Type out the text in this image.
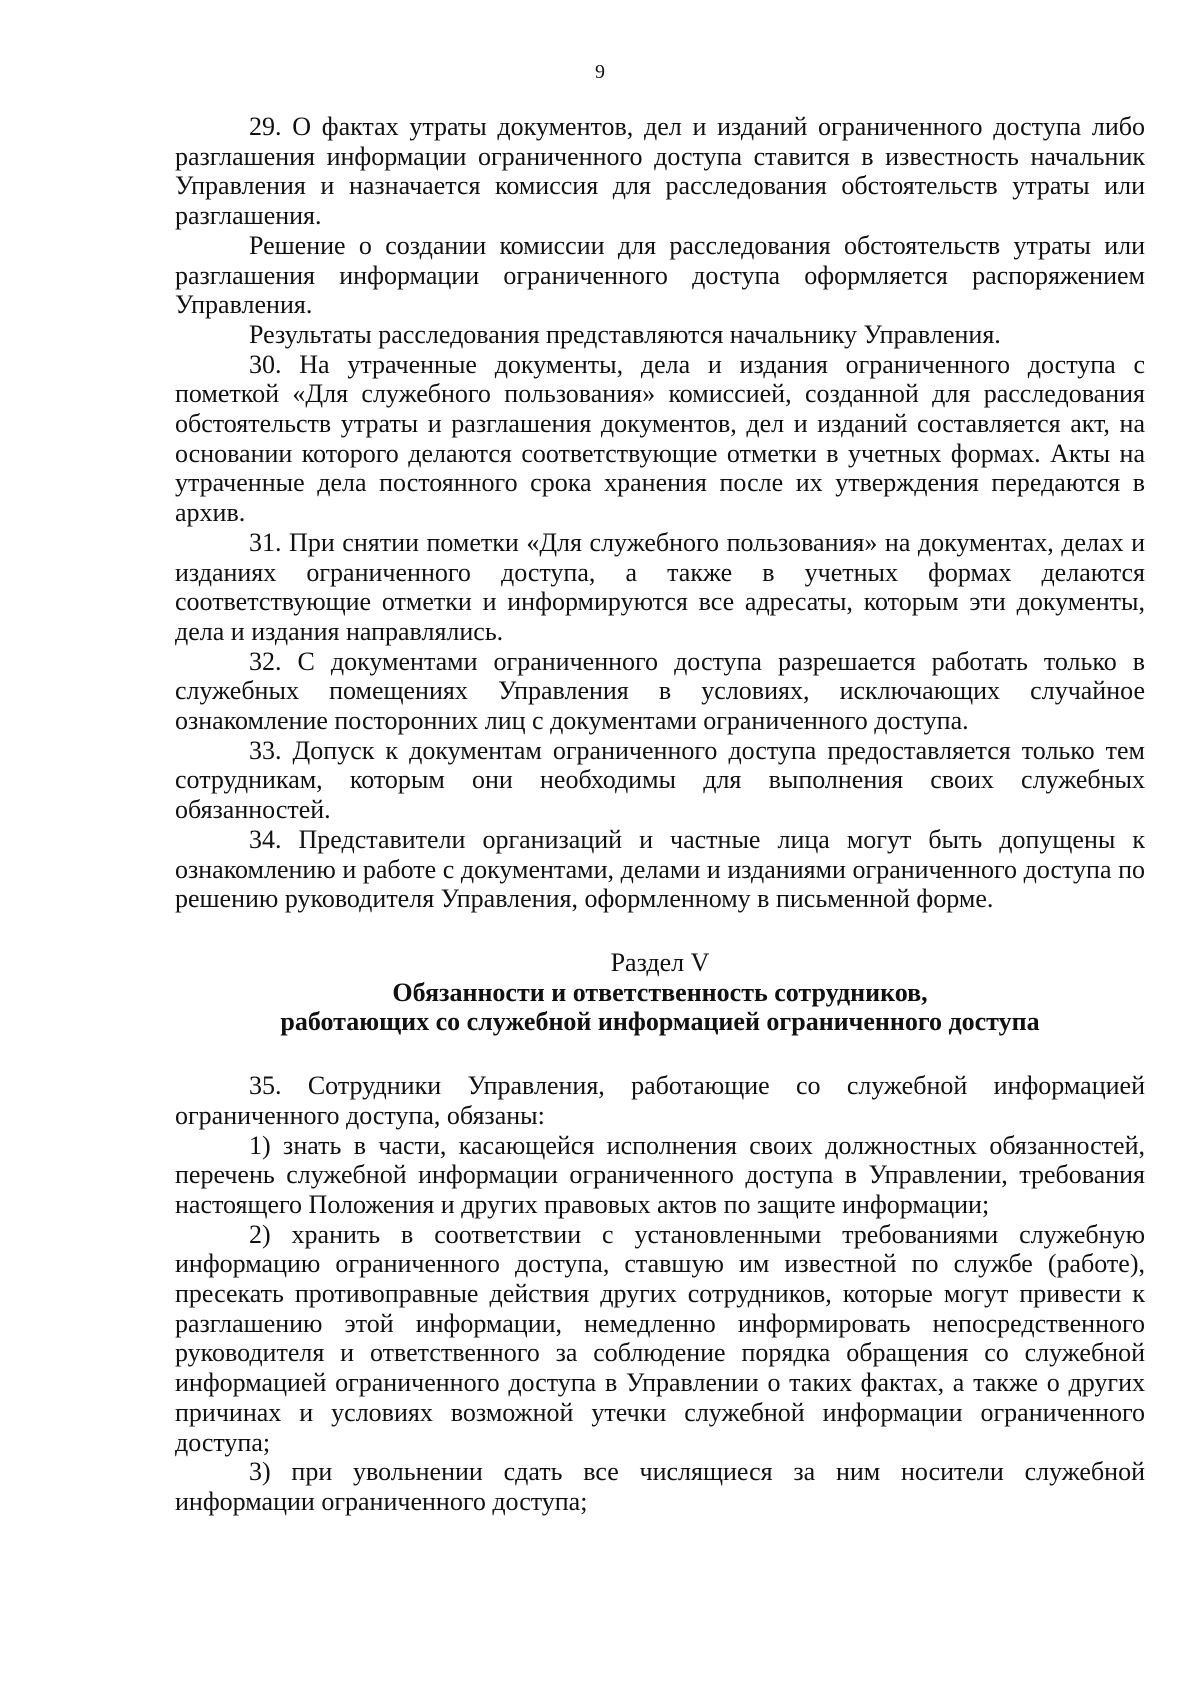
9

29. О фактах утраты документов, дел и изданий ограниченного доступа либо разглашения информации ограниченного доступа ставится в известность начальник Управления и назначается комиссия для расследования обстоятельств утраты или разглашения.

Решение о создании комиссии для расследования обстоятельств утраты или разглашения информации ограниченного доступа оформляется распоряжением Управления.

Результаты расследования представляются начальнику Управления.

30. На утраченные документы, дела и издания ограниченного доступа с пометкой «Для служебного пользования» комиссией, созданной для расследования обстоятельств утраты и разглашения документов, дел и изданий составляется акт, на основании которого делаются соответствующие отметки в учетных формах. Акты на утраченные дела постоянного срока хранения после их утверждения передаются в архив.

31. При снятии пометки «Для служебного пользования» на документах, делах и изданиях ограниченного доступа, а также в учетных формах делаются соответствующие отметки и информируются все адресаты, которым эти документы, дела и издания направлялись.

32. С документами ограниченного доступа разрешается работать только в служебных помещениях Управления в условиях, исключающих случайное ознакомление посторонних лиц с документами ограниченного доступа.

33. Допуск к документам ограниченного доступа предоставляется только тем сотрудникам, которым они необходимы для выполнения своих служебных обязанностей.

34. Представители организаций и частные лица могут быть допущены к ознакомлению и работе с документами, делами и изданиями ограниченного доступа по решению руководителя Управления, оформленному в письменной форме.

Раздел V
Обязанности и ответственность сотрудников,
работающих со служебной информацией ограниченного доступа

35. Сотрудники Управления, работающие со служебной информацией ограниченного доступа, обязаны:

1) знать в части, касающейся исполнения своих должностных обязанностей, перечень служебной информации ограниченного доступа в Управлении, требования настоящего Положения и других правовых актов по защите информации;

2) хранить в соответствии с установленными требованиями служебную информацию ограниченного доступа, ставшую им известной по службе (работе), пресекать противоправные действия других сотрудников, которые могут привести к разглашению этой информации, немедленно информировать непосредственного руководителя и ответственного за соблюдение порядка обращения со служебной информацией ограниченного доступа в Управлении о таких фактах, а также о других причинах и условиях возможной утечки служебной информации ограниченного доступа;

3) при увольнении сдать все числящиеся за ним носители служебной информации ограниченного доступа;
